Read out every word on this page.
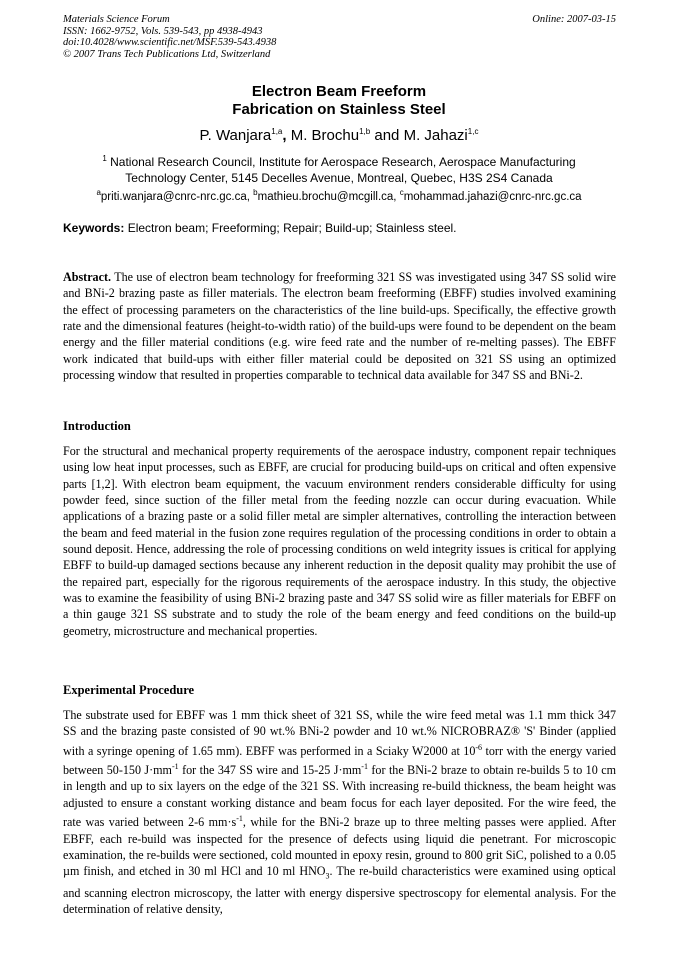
Materials Science Forum
ISSN: 1662-9752, Vols. 539-543, pp 4938-4943
doi:10.4028/www.scientific.net/MSF.539-543.4938
© 2007 Trans Tech Publications Ltd, Switzerland
Online: 2007-03-15
Electron Beam Freeform
Fabrication on Stainless Steel
P. Wanjara$^{1,a}$, M. Brochu$^{1,b}$ and M. Jahazi$^{1,c}$
$^1$ National Research Council, Institute for Aerospace Research, Aerospace Manufacturing
Technology Center, 5145 Decelles Avenue, Montreal, Quebec, H3S 2S4 Canada
$^a$priti.wanjara@cnrc-nrc.gc.ca, $^b$mathieu.brochu@mcgill.ca, $^c$mohammad.jahazi@cnrc-nrc.gc.ca
Keywords: Electron beam; Freeforming; Repair; Build-up; Stainless steel.
Abstract. The use of electron beam technology for freeforming 321 SS was investigated using 347 SS solid wire and BNi-2 brazing paste as filler materials. The electron beam freeforming (EBFF) studies involved examining the effect of processing parameters on the characteristics of the line build-ups. Specifically, the effective growth rate and the dimensional features (height-to-width ratio) of the build-ups were found to be dependent on the beam energy and the filler material conditions (e.g. wire feed rate and the number of re-melting passes). The EBFF work indicated that build-ups with either filler material could be deposited on 321 SS using an optimized processing window that resulted in properties comparable to technical data available for 347 SS and BNi-2.
Introduction
For the structural and mechanical property requirements of the aerospace industry, component repair techniques using low heat input processes, such as EBFF, are crucial for producing build-ups on critical and often expensive parts [1,2]. With electron beam equipment, the vacuum environment renders considerable difficulty for using powder feed, since suction of the filler metal from the feeding nozzle can occur during evacuation. While applications of a brazing paste or a solid filler metal are simpler alternatives, controlling the interaction between the beam and feed material in the fusion zone requires regulation of the processing conditions in order to obtain a sound deposit. Hence, addressing the role of processing conditions on weld integrity issues is critical for applying EBFF to build-up damaged sections because any inherent reduction in the deposit quality may prohibit the use of the repaired part, especially for the rigorous requirements of the aerospace industry. In this study, the objective was to examine the feasibility of using BNi-2 brazing paste and 347 SS solid wire as filler materials for EBFF on a thin gauge 321 SS substrate and to study the role of the beam energy and feed conditions on the build-up geometry, microstructure and mechanical properties.
Experimental Procedure
The substrate used for EBFF was 1 mm thick sheet of 321 SS, while the wire feed metal was 1.1 mm thick 347 SS and the brazing paste consisted of 90 wt.% BNi-2 powder and 10 wt.% NICROBRAZ® 'S' Binder (applied with a syringe opening of 1.65 mm). EBFF was performed in a Sciaky W2000 at $10^{-6}$ torr with the energy varied between 50-150 $J\cdot mm^{-1}$ for the 347 SS wire and 15-25 $J\cdot mm^{-1}$ for the BNi-2 braze to obtain re-builds 5 to 10 cm in length and up to six layers on the edge of the 321 SS. With increasing re-build thickness, the beam height was adjusted to ensure a constant working distance and beam focus for each layer deposited. For the wire feed, the rate was varied between 2-6 $mm\cdot s^{-1}$, while for the BNi-2 braze up to three melting passes were applied. After EBFF, each re-build was inspected for the presence of defects using liquid die penetrant. For microscopic examination, the re-builds were sectioned, cold mounted in epoxy resin, ground to 800 grit SiC, polished to a 0.05 µm finish, and etched in 30 ml HCl and 10 ml $HNO_3$. The re-build characteristics were examined using optical and scanning electron microscopy, the latter with energy dispersive spectroscopy for elemental analysis. For the determination of relative density,
